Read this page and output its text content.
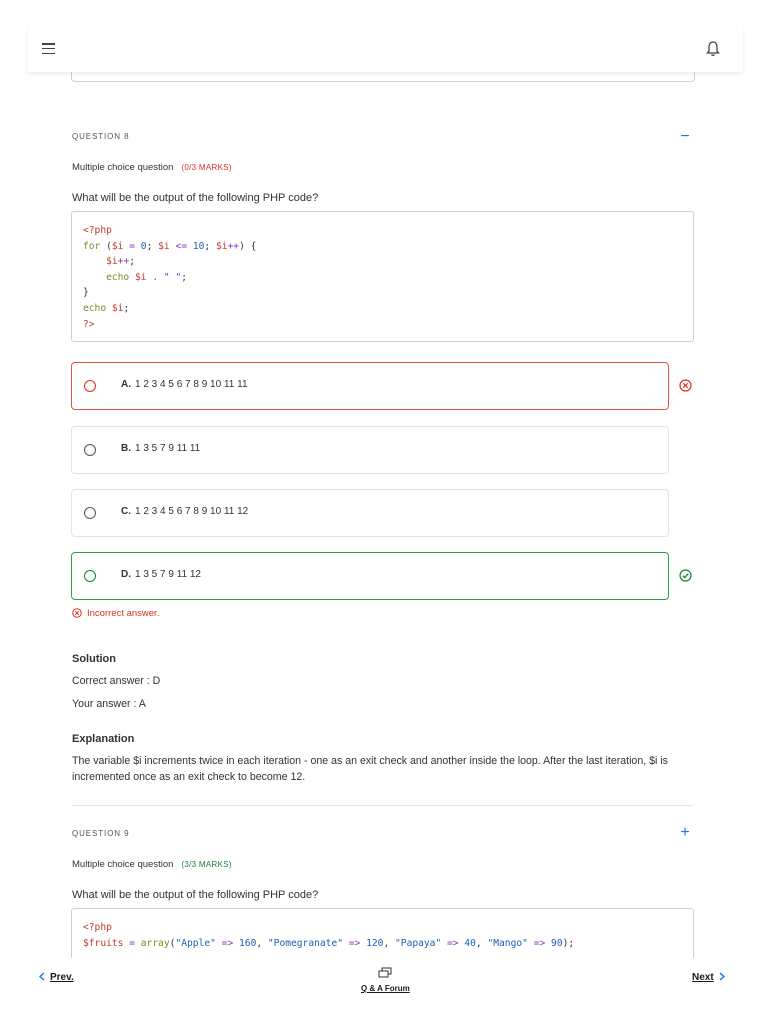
QUESTION 8	−
Multiple choice question (0/3 MARKS)
What will be the output of the following PHP code?
<?php
for ($i = 0; $i <= 10; $i++) {
$i++;
echo $i . " ";
}
echo $i;
?>
A. 1 2 3 4 5 6 7 8 9 10 11 11
B. 1 3 5 7 9 11 11
C. 1 2 3 4 5 6 7 8 9 10 11 12
D. 1 3 5 7 9 11 12
Incorrect answer.
Solution
Correct answer : D
Your answer : A
Explanation
The variable $i increments twice in each iteration - one as an exit check and another inside the loop. After the last iteration, $i is incremented once as an exit check to become 12.
QUESTION 9	+
Multiple choice question (3/3 MARKS)
What will be the output of the following PHP code?
<?php
$fruits = array("Apple" => 160, "Pomegranate" => 120, "Papaya" => 40, "Mango" => 90);
Prev.
Q & A Forum
Next
